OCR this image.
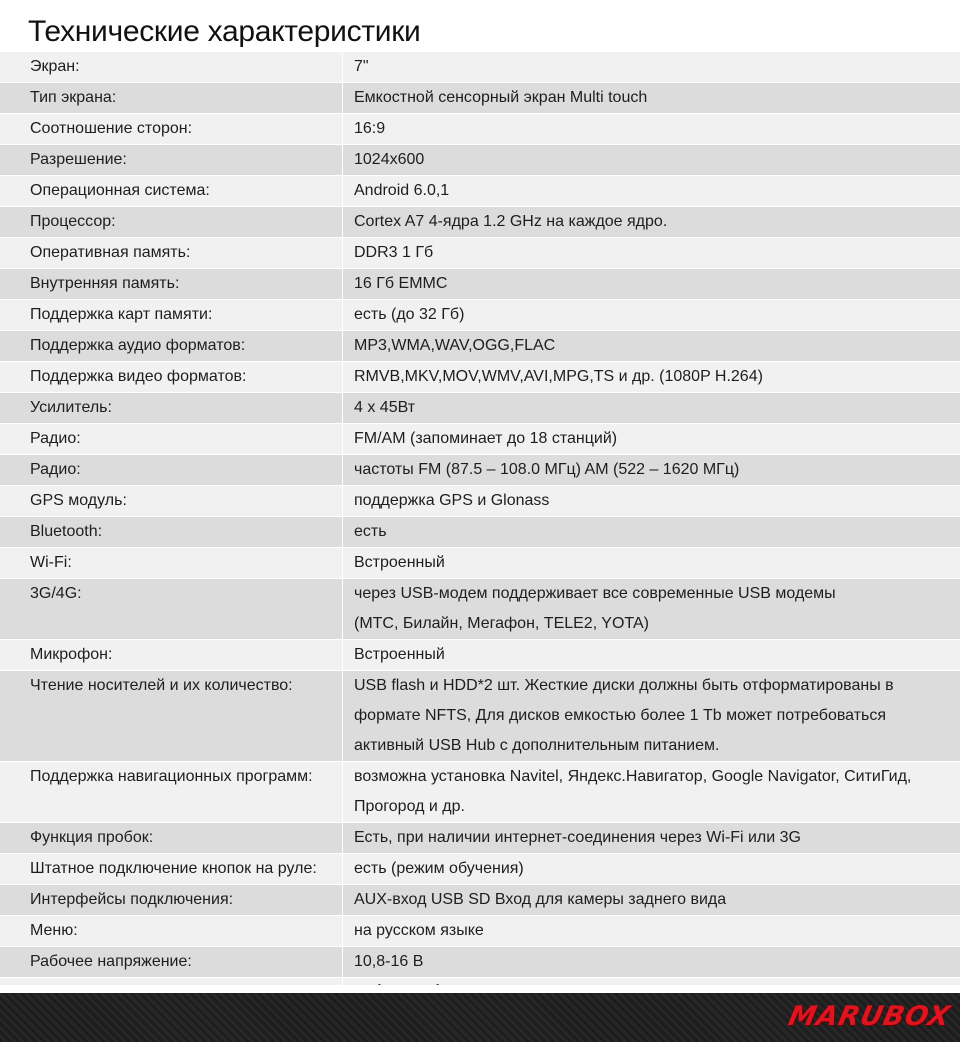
Технические характеристики
Экран:	7"
Тип экрана:	Емкостной сенсорный экран Multi touch
Соотношение сторон:	16:9
Разрешение:	1024x600
Операционная система:	Android 6.0,1
Процессор:	Cortex A7 4-ядра 1.2 GHz на каждое ядро.
Оперативная память:	DDR3 1 Гб
Внутренняя память:	16 Гб EMMC
Поддержка карт памяти:	есть (до 32 Гб)
Поддержка аудио форматов:	MP3,WMA,WAV,OGG,FLAC
Поддержка видео форматов:	RMVB,MKV,MOV,WMV,AVI,MPG,TS и др. (1080P H.264)
Усилитель:	4 x 45Вт
Радио:	FM/AM (запоминает до 18 станций)
Радио:	частоты FM (87.5 – 108.0 МГц) AM (522 – 1620 МГц)
GPS модуль:	поддержка GPS и Glonass
Bluetooth:	есть
Wi-Fi:	Встроенный
3G/4G:	через USB-модем поддерживает все современные USB модемы
(МТС, Билайн, Мегафон, TELE2, YOTA)
Микрофон:	Встроенный
Чтение носителей и их количество:	USB flash и HDD*2 шт. Жесткие диски должны быть отформатированы в
формате NFTS, Для дисков емкостью более 1 Tb может потребоваться
активный USB Hub с дополнительным питанием.
Поддержка навигационных программ:	возможна установка Navitel, Яндекс.Навигатор, Google Navigator, СитиГид,
Прогород и др.
Функция пробок:	Есть, при наличии интернет-соединения через Wi-Fi или 3G
Штатное подключение кнопок на руле:	есть (режим обучения)
Интерфейсы подключения:	AUX-вход USB SD Вход для камеры заднего вида
Меню:	на русском языке
Рабочее напряжение:	10,8-16 В
MARUBOX
